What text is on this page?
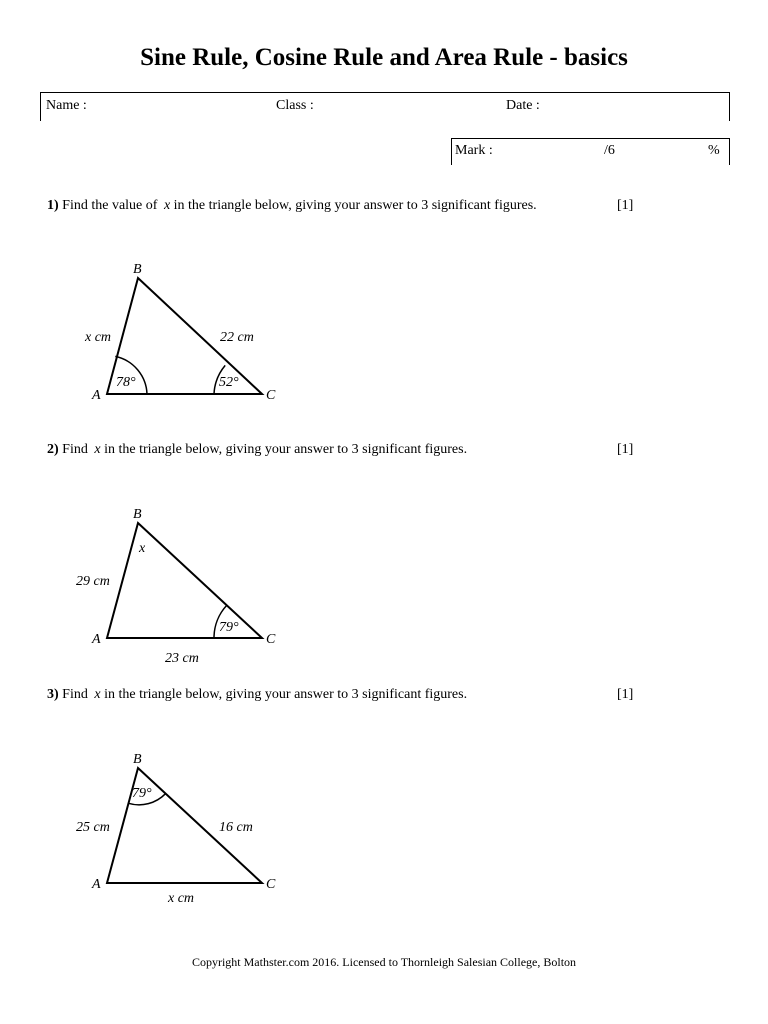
Sine Rule, Cosine Rule and Area Rule - basics
Name :	Class :	Date :
Mark :	/6	%
1) Find the value of x in the triangle below, giving your answer to 3 significant figures.	[1]
2) Find x in the triangle below, giving your answer to 3 significant figures.	[1]
3) Find x in the triangle below, giving your answer to 3 significant figures.	[1]
A
B
C
x cm	22 cm
78°	52°
A
B
C
29 cm
23 cm
x
79°
A
B
C
25 cm	16 cm
x cm
79°
Copyright Mathster.com 2016. Licensed to Thornleigh Salesian College, Bolton
